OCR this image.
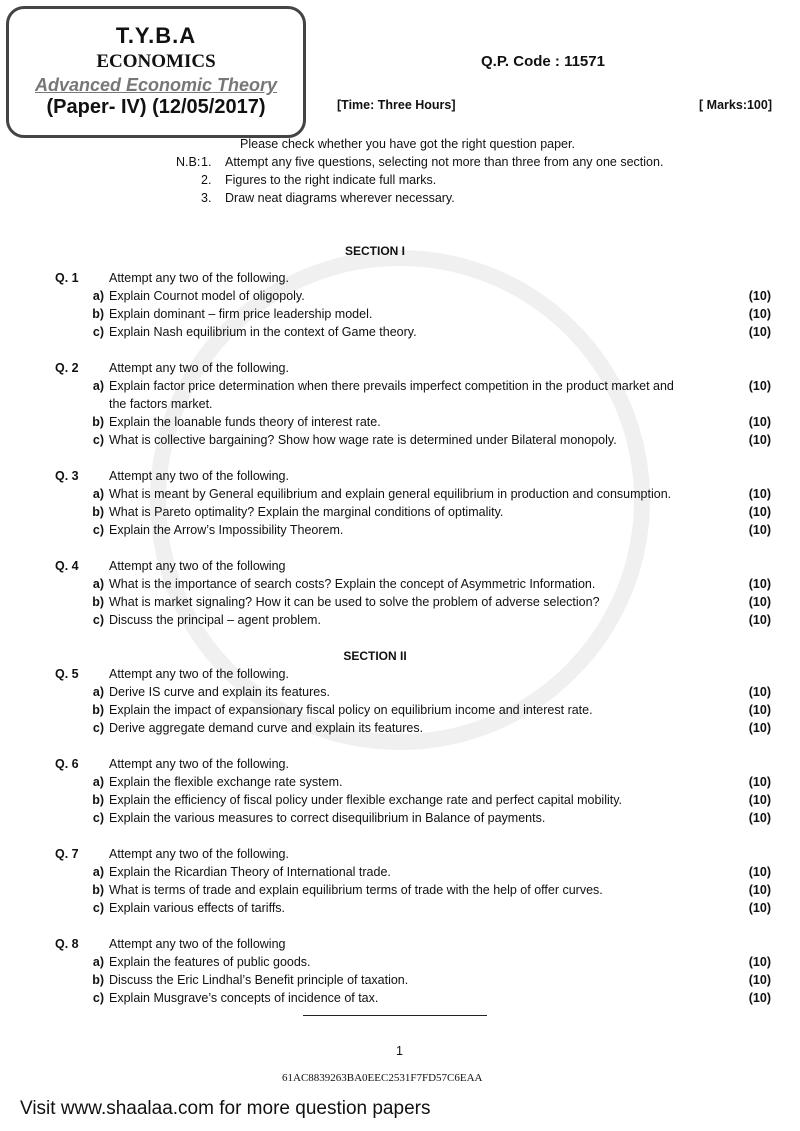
T.Y.B.A
ECONOMICS
Advanced Economic Theory
(Paper- IV) (12/05/2017)
Q.P. Code : 11571
[Time: Three Hours]	[ Marks:100]
Please check whether you have got the right question paper.
N.B: 1. Attempt any five questions, selecting not more than three from any one section.
2. Figures to the right indicate full marks.
3. Draw neat diagrams wherever necessary.
SECTION I
Q. 1 Attempt any two of the following.
a) Explain Cournot model of oligopoly.	(10)
b) Explain dominant – firm price leadership model.	(10)
c) Explain Nash equilibrium in the context of Game theory.	(10)
Q. 2 Attempt any two of the following.
a) Explain factor price determination when there prevails imperfect competition in the product market and	(10)
the factors market.
b) Explain the loanable funds theory of interest rate.	(10)
c) What is collective bargaining? Show how wage rate is determined under Bilateral monopoly.	(10)
Q. 3 Attempt any two of the following.
a) What is meant by General equilibrium and explain general equilibrium in production and consumption.	(10)
b) What is Pareto optimality? Explain the marginal conditions of optimality.	(10)
c) Explain the Arrow’s Impossibility Theorem.	(10)
Q. 4 Attempt any two of the following
a) What is the importance of search costs? Explain the concept of Asymmetric Information.	(10)
b) What is market signaling? How it can be used to solve the problem of adverse selection?	(10)
c) Discuss the principal – agent problem.	(10)
SECTION II
Q. 5 Attempt any two of the following.
a) Derive IS curve and explain its features.	(10)
b) Explain the impact of expansionary fiscal policy on equilibrium income and interest rate.	(10)
c) Derive aggregate demand curve and explain its features.	(10)
Q. 6 Attempt any two of the following.
a) Explain the flexible exchange rate system.	(10)
b) Explain the efficiency of fiscal policy under flexible exchange rate and perfect capital mobility.	(10)
c) Explain the various measures to correct disequilibrium in Balance of payments.	(10)
Q. 7 Attempt any two of the following.
a) Explain the Ricardian Theory of International trade.	(10)
b) What is terms of trade and explain equilibrium terms of trade with the help of offer curves.	(10)
c) Explain various effects of tariffs.	(10)
Q. 8 Attempt any two of the following
a) Explain the features of public goods.	(10)
b) Discuss the Eric Lindhal’s Benefit principle of taxation.	(10)
c) Explain Musgrave’s concepts of incidence of tax.	(10)
1
61AC8839263BA0EEC2531F7FD57C6EAA
Visit www.shaalaa.com for more question papers
